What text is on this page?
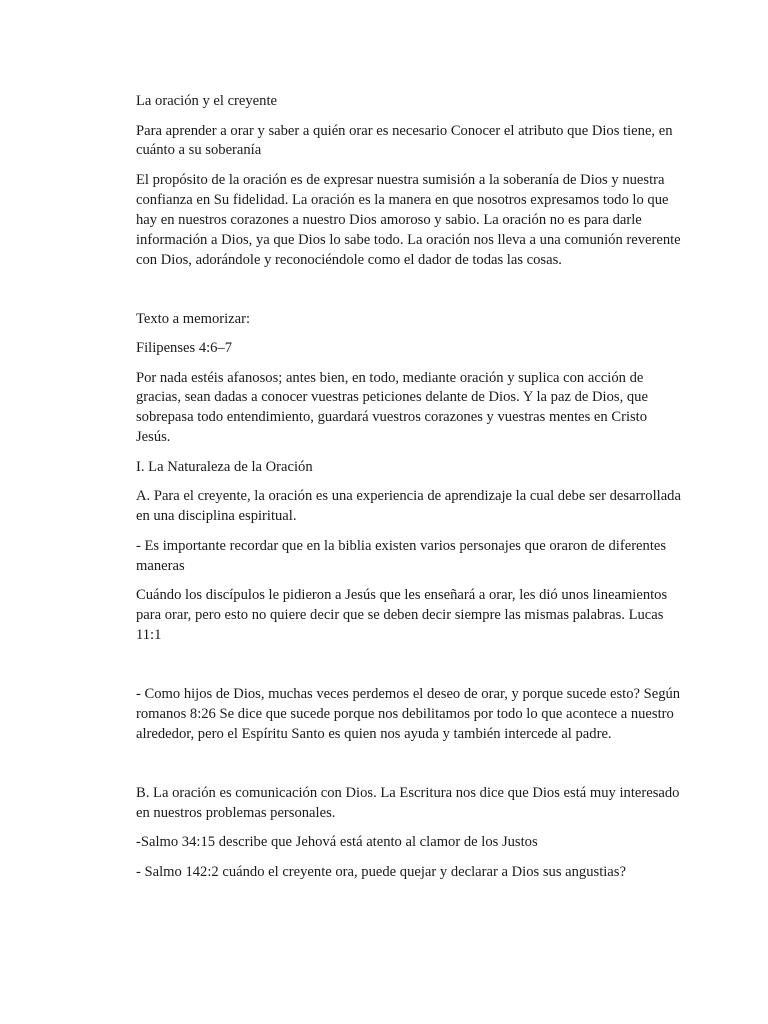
La oración y el creyente

Para aprender a orar y saber a quién orar es necesario Conocer el atributo que Dios tiene, en cuánto a su soberanía

El propósito de la oración es de expresar nuestra sumisión a la soberanía de Dios y nuestra confianza en Su fidelidad. La oración es la manera en que nosotros expresamos todo lo que hay en nuestros corazones a nuestro Dios amoroso y sabio. La oración no es para darle información a Dios, ya que Dios lo sabe todo. La oración nos lleva a una comunión reverente con Dios, adorándole y reconociéndole como el dador de todas las cosas.

Texto a memorizar:

Filipenses 4:6–7

Por nada estéis afanosos; antes bien, en todo, mediante oración y suplica con acción de gracias, sean dadas a conocer vuestras peticiones delante de Dios. Y la paz de Dios, que sobrepasa todo entendimiento, guardará vuestros corazones y vuestras mentes en Cristo Jesús.

I. La Naturaleza de la Oración

A. Para el creyente, la oración es una experiencia de aprendizaje la cual debe ser desarrollada en una disciplina espiritual.

- Es importante recordar que en la biblia existen varios personajes que oraron de diferentes maneras

Cuándo los discípulos le pidieron a Jesús que les enseñará a orar, les dió unos lineamientos para orar, pero esto no quiere decir que se deben decir siempre las mismas palabras. Lucas 11:1

- Como hijos de Dios, muchas veces perdemos el deseo de orar, y porque sucede esto? Según romanos 8:26 Se dice que sucede porque nos debilitamos por todo lo que acontece a nuestro alrededor, pero el Espíritu Santo es quien nos ayuda y también intercede al padre.

B. La oración es comunicación con Dios. La Escritura nos dice que Dios está muy interesado en nuestros problemas personales.

-Salmo 34:15 describe que Jehová está atento al clamor de los Justos

- Salmo 142:2 cuándo el creyente ora, puede quejar y declarar a Dios sus angustias?
